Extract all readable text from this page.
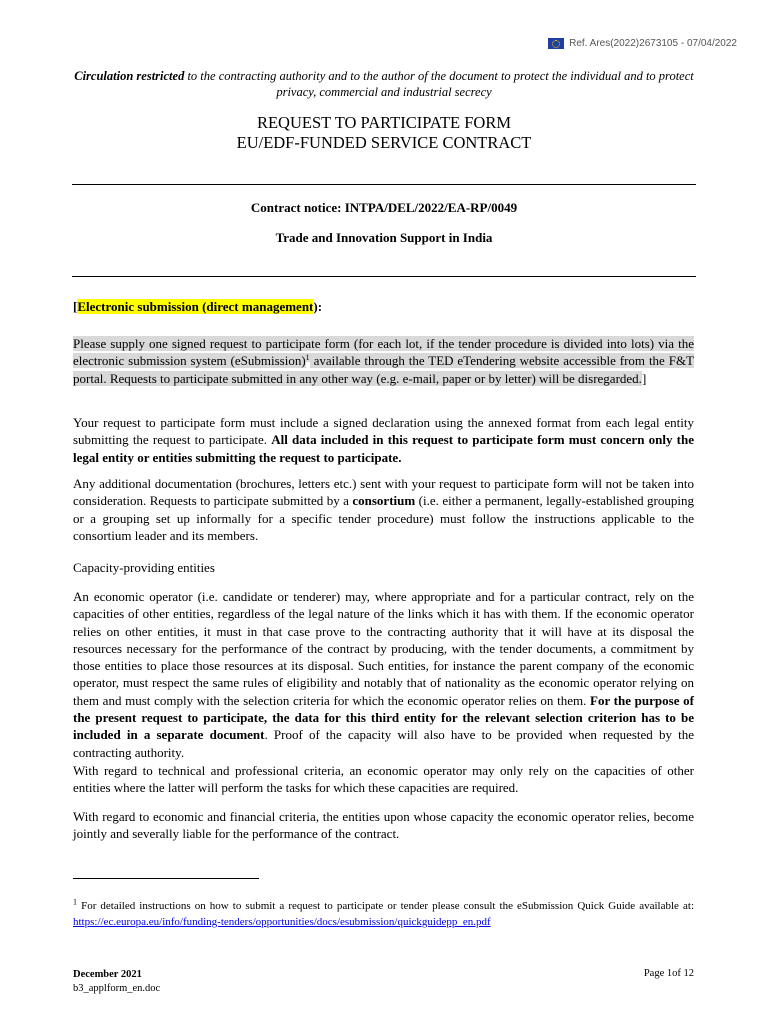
Ref. Ares(2022)2673105 - 07/04/2022
Circulation restricted to the contracting authority and to the author of the document to protect the individual and to protect privacy, commercial and industrial secrecy
REQUEST TO PARTICIPATE FORM
EU/EDF-FUNDED SERVICE CONTRACT
Contract notice: INTPA/DEL/2022/EA-RP/0049
Trade and Innovation Support in India
[Electronic submission (direct management):
Please supply one signed request to participate form (for each lot, if the tender procedure is divided into lots) via the electronic submission system (eSubmission)$^1$ available through the TED eTendering website accessible from the F&T portal. Requests to participate submitted in any other way (e.g. e-mail, paper or by letter) will be disregarded.]
Your request to participate form must include a signed declaration using the annexed format from each legal entity submitting the request to participate. All data included in this request to participate form must concern only the legal entity or entities submitting the request to participate.
Any additional documentation (brochures, letters etc.) sent with your request to participate form will not be taken into consideration. Requests to participate submitted by a consortium (i.e. either a permanent, legally-established grouping or a grouping set up informally for a specific tender procedure) must follow the instructions applicable to the consortium leader and its members.
Capacity-providing entities
An economic operator (i.e. candidate or tenderer) may, where appropriate and for a particular contract, rely on the capacities of other entities, regardless of the legal nature of the links which it has with them. If the economic operator relies on other entities, it must in that case prove to the contracting authority that it will have at its disposal the resources necessary for the performance of the contract by producing, with the tender documents, a commitment by those entities to place those resources at its disposal. Such entities, for instance the parent company of the economic operator, must respect the same rules of eligibility and notably that of nationality as the economic operator relying on them and must comply with the selection criteria for which the economic operator relies on them. For the purpose of the present request to participate, the data for this third entity for the relevant selection criterion has to be included in a separate document. Proof of the capacity will also have to be provided when requested by the contracting authority.
With regard to technical and professional criteria, an economic operator may only rely on the capacities of other entities where the latter will perform the tasks for which these capacities are required.
With regard to economic and financial criteria, the entities upon whose capacity the economic operator relies, become jointly and severally liable for the performance of the contract.
$^1$ For detailed instructions on how to submit a request to participate or tender please consult the eSubmission Quick Guide available at: https://ec.europa.eu/info/funding-tenders/opportunities/docs/esubmission/quickguidepp_en.pdf
December 2021
b3_applform_en.doc
Page 1of 12
